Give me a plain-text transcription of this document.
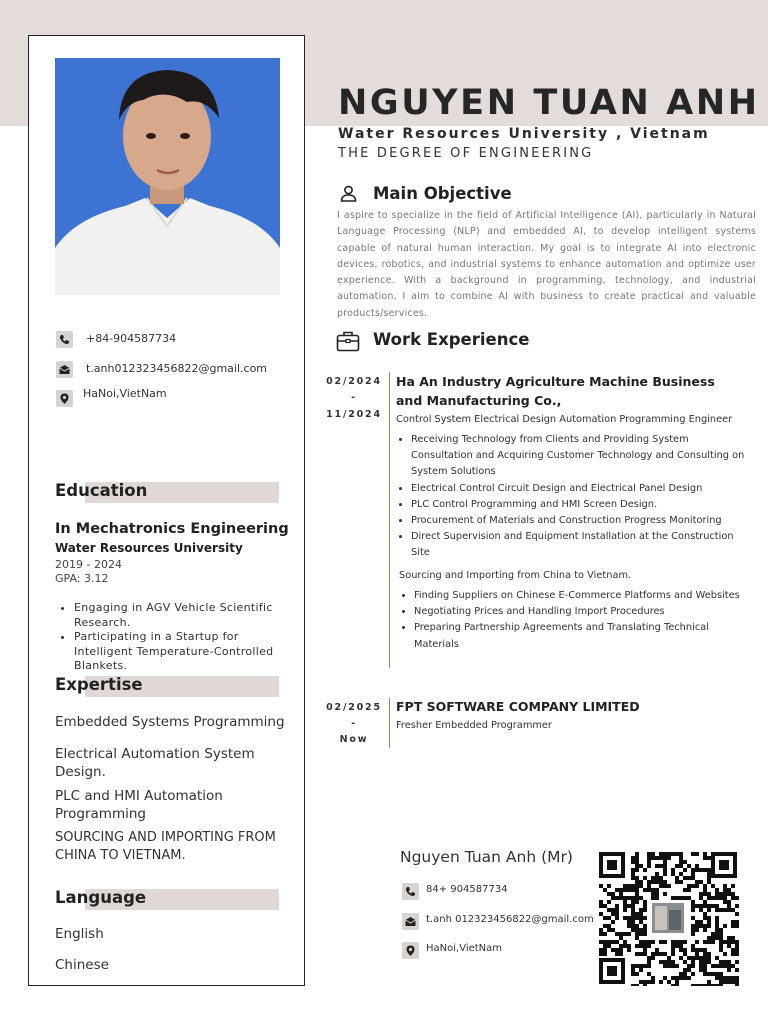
+84-904587734
t.anh012323456822@gmail.com
HaNoi,VietNam
Education
In Mechatronics Engineering
Water Resources University
2019 - 2024
GPA: 3.12
• Engaging in AGV Vehicle Scientific Research.
• Participating in a Startup for Intelligent Temperature-Controlled Blankets.
Expertise
Embedded Systems Programming
Electrical Automation System Design.
PLC and HMI Automation Programming
SOURCING AND IMPORTING FROM CHINA TO VIETNAM.
Language
English
Chinese
NGUYEN TUAN ANH
Water Resources University , Vietnam
THE DEGREE OF ENGINEERING
Main Objective
I aspire to specialize in the field of Artificial Intelligence (AI), particularly in Natural Language Processing (NLP) and embedded AI, to develop intelligent systems capable of natural human interaction. My goal is to integrate AI into electronic devices, robotics, and industrial systems to enhance automation and optimize user experience. With a background in programming, technology, and industrial automation, I aim to combine AI with business to create practical and valuable products/services.
Work Experience
02/2024
-
11/2024
Ha An Industry Agriculture Machine Business and Manufacturing Co.,
Control System Electrical Design Automation Programming Engineer
• Receiving Technology from Clients and Providing System Consultation and Acquiring Customer Technology and Consulting on System Solutions
• Electrical Control Circuit Design and Electrical Panel Design
• PLC Control Programming and HMI Screen Design.
• Procurement of Materials and Construction Progress Monitoring
• Direct Supervision and Equipment Installation at the Construction Site
Sourcing and Importing from China to Vietnam.
• Finding Suppliers on Chinese E-Commerce Platforms and Websites
• Negotiating Prices and Handling Import Procedures
• Preparing Partnership Agreements and Translating Technical Materials
02/2025
-
Now
FPT SOFTWARE COMPANY LIMITED
Fresher Embedded Programmer
Nguyen Tuan Anh (Mr)
84+ 904587734
t.anh 012323456822@gmail.com
HaNoi,VietNam
